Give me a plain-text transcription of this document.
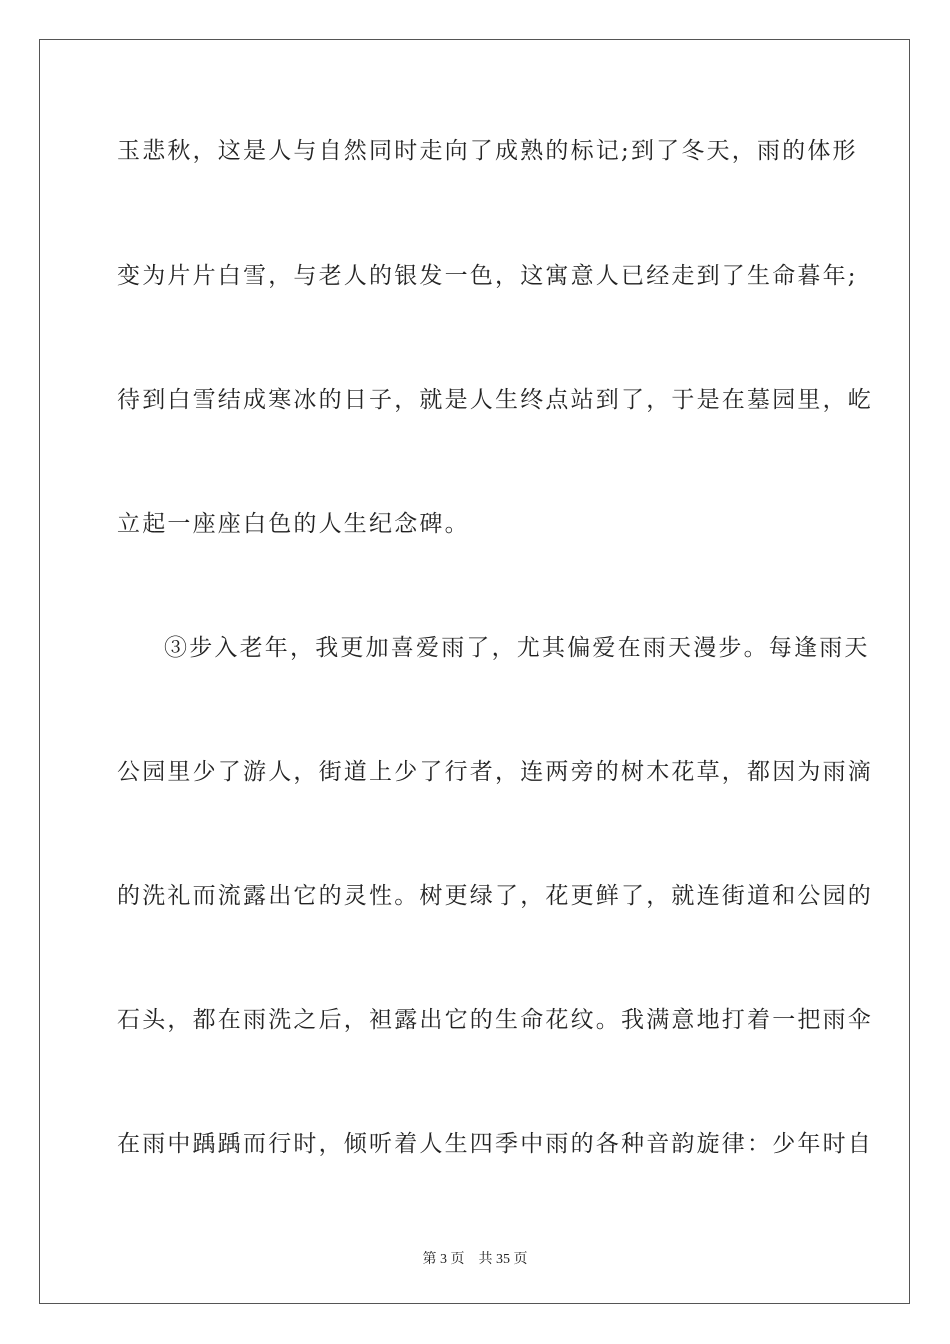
玉悲秋，这是人与自然同时走向了成熟的标记;到了冬天，雨的体形
变为片片白雪，与老人的银发一色，这寓意人已经走到了生命暮年;
待到白雪结成寒冰的日子，就是人生终点站到了，于是在墓园里，屹
立起一座座白色的人生纪念碑。
③步入老年，我更加喜爱雨了，尤其偏爱在雨天漫步。每逢雨天
公园里少了游人，街道上少了行者，连两旁的树木花草，都因为雨滴
的洗礼而流露出它的灵性。树更绿了，花更鲜了，就连街道和公园的
石头，都在雨洗之后，袒露出它的生命花纹。我满意地打着一把雨伞
在雨中踽踽而行时，倾听着人生四季中雨的各种音韵旋律：少年时自
第 3 页 共 35 页
